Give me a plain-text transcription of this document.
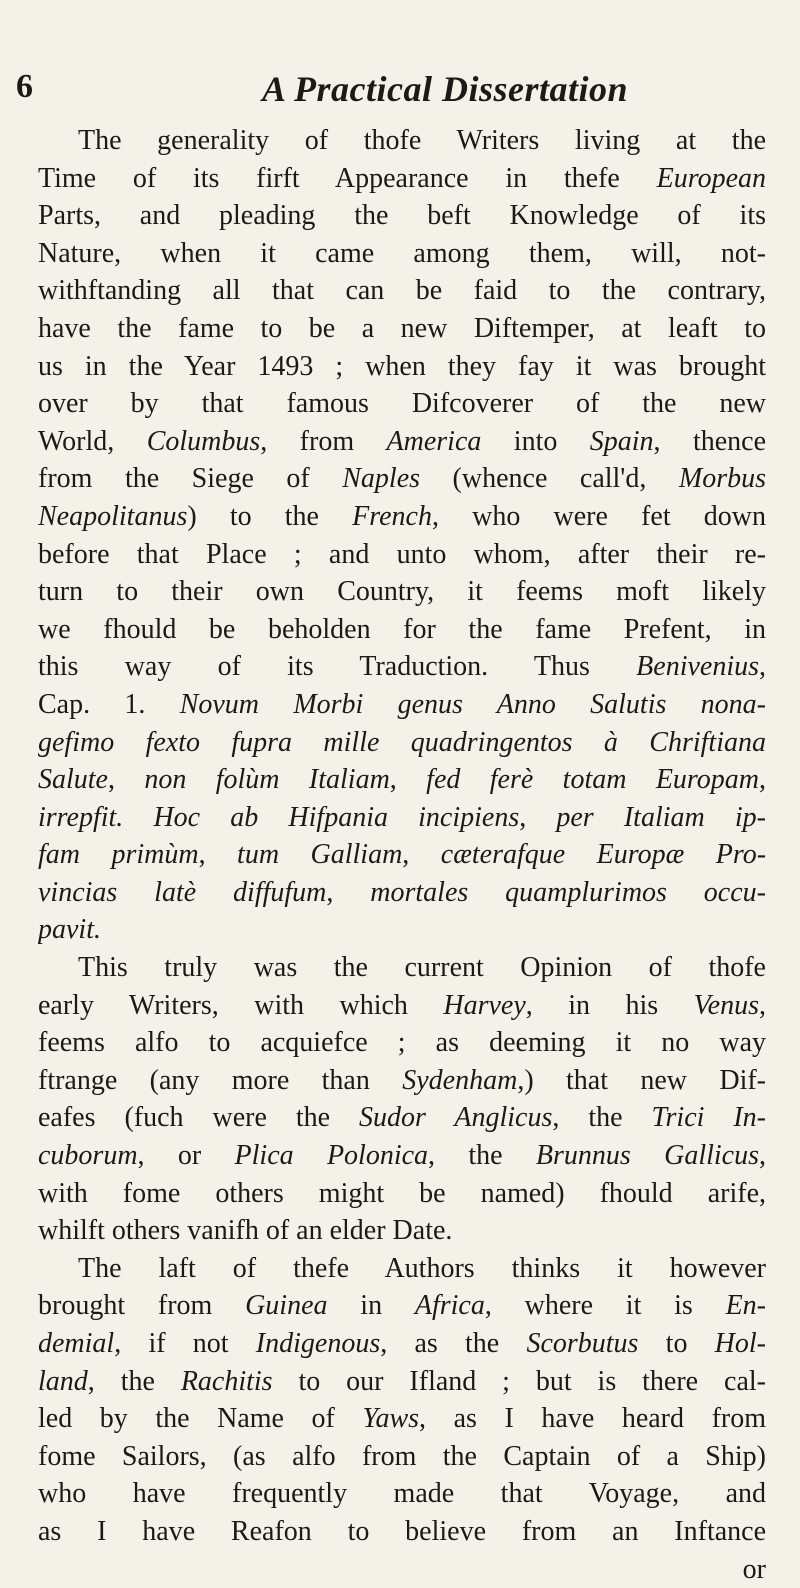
6	A Practical Dissertation
The generality of thofe Writers living at the
Time of its firft Appearance in thefe European
Parts, and pleading the beft Knowledge of its
Nature, when it came among them, will, not-
withftanding all that can be faid to the contrary,
have the fame to be a new Diftemper, at leaft to
us in the Year 1493 ; when they fay it was brought
over by that famous Difcoverer of the new
World, Columbus, from America into Spain, thence
from the Siege of Naples (whence call'd, Morbus
Neapolitanus) to the French, who were fet down
before that Place ; and unto whom, after their re-
turn to their own Country, it feems moft likely
we fhould be beholden for the fame Prefent, in
this way of its Traduction. Thus Benivenius,
Cap. 1. Novum Morbi genus Anno Salutis nona-
gefimo fexto fupra mille quadringentos à Chriftiana
Salute, non folùm Italiam, fed ferè totam Europam,
irrepfit. Hoc ab Hifpania incipiens, per Italiam ip-
fam primùm, tum Galliam, cæterafque Europæ Pro-
vincias latè diffufum, mortales quamplurimos occu-
pavit.
This truly was the current Opinion of thofe
early Writers, with which Harvey, in his Venus,
feems alfo to acquiefce ; as deeming it no way
ftrange (any more than Sydenham,) that new Dif-
eafes (fuch were the Sudor Anglicus, the Trici In-
cuborum, or Plica Polonica, the Brunnus Gallicus,
with fome others might be named) fhould arife,
whilft others vanifh of an elder Date.
The laft of thefe Authors thinks it however
brought from Guinea in Africa, where it is En-
demial, if not Indigenous, as the Scorbutus to Hol-
land, the Rachitis to our Ifland ; but is there cal-
led by the Name of Yaws, as I have heard from
fome Sailors, (as alfo from the Captain of a Ship)
who have frequently made that Voyage, and
as I have Reafon to believe from an Inftance
or
